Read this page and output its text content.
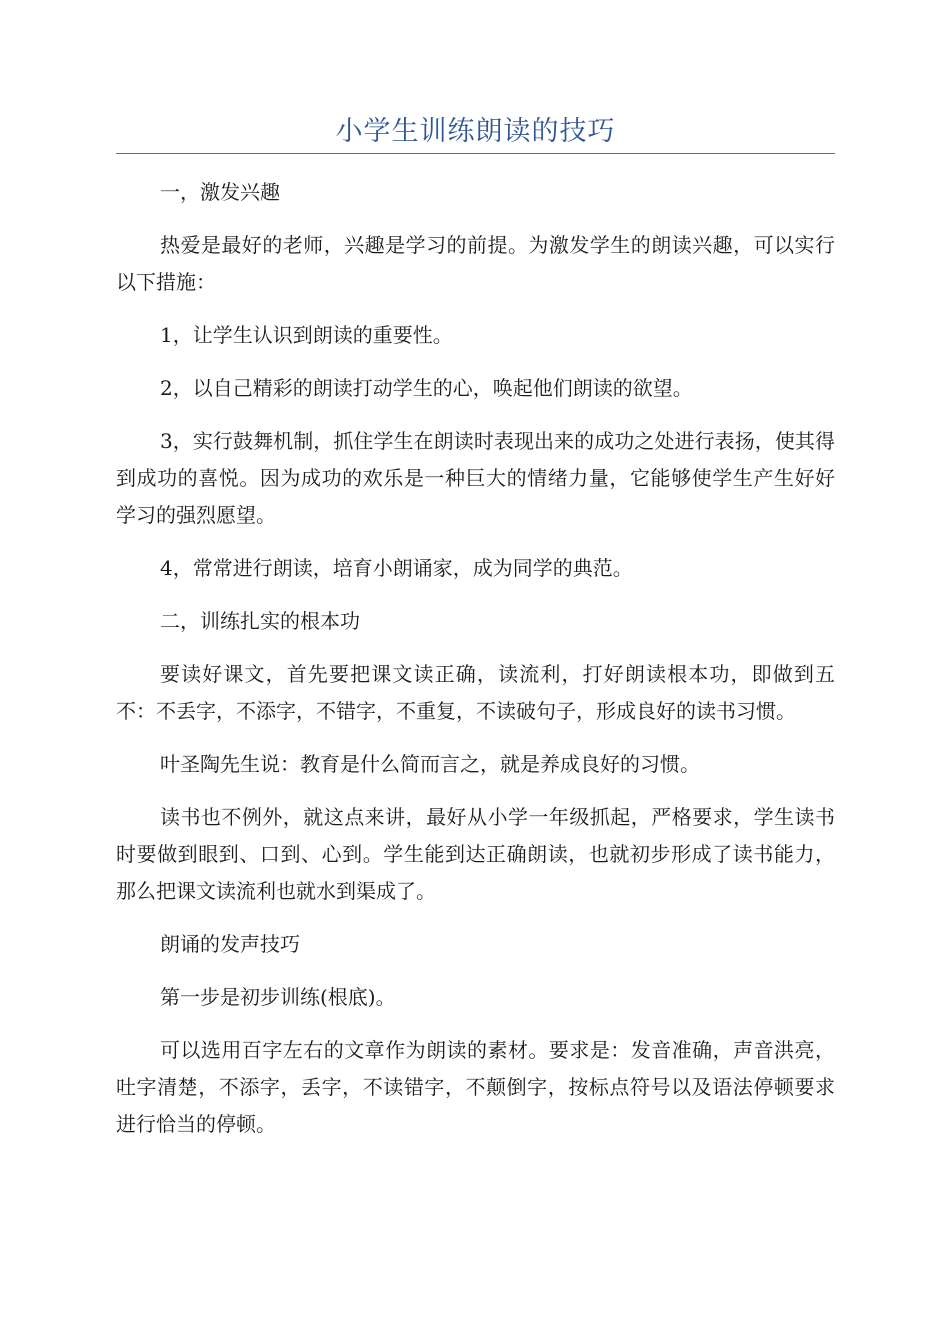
小学生训练朗读的技巧

一，激发兴趣

热爱是最好的老师，兴趣是学习的前提。为激发学生的朗读兴趣，可以实行以下措施：

1，让学生认识到朗读的重要性。

2，以自己精彩的朗读打动学生的心，唤起他们朗读的欲望。

3，实行鼓舞机制，抓住学生在朗读时表现出来的成功之处进行表扬，使其得到成功的喜悦。因为成功的欢乐是一种巨大的情绪力量，它能够使学生产生好好学习的强烈愿望。

4，常常进行朗读，培育小朗诵家，成为同学的典范。

二，训练扎实的根本功

要读好课文，首先要把课文读正确，读流利，打好朗读根本功，即做到五不：不丢字，不添字，不错字，不重复，不读破句子，形成良好的读书习惯。

叶圣陶先生说：教育是什么简而言之，就是养成良好的习惯。

读书也不例外，就这点来讲，最好从小学一年级抓起，严格要求，学生读书时要做到眼到、口到、心到。学生能到达正确朗读，也就初步形成了读书能力，那么把课文读流利也就水到渠成了。

朗诵的发声技巧

第一步是初步训练(根底)。

可以选用百字左右的文章作为朗读的素材。要求是：发音准确，声音洪亮，吐字清楚，不添字，丢字，不读错字，不颠倒字，按标点符号以及语法停顿要求进行恰当的停顿。
